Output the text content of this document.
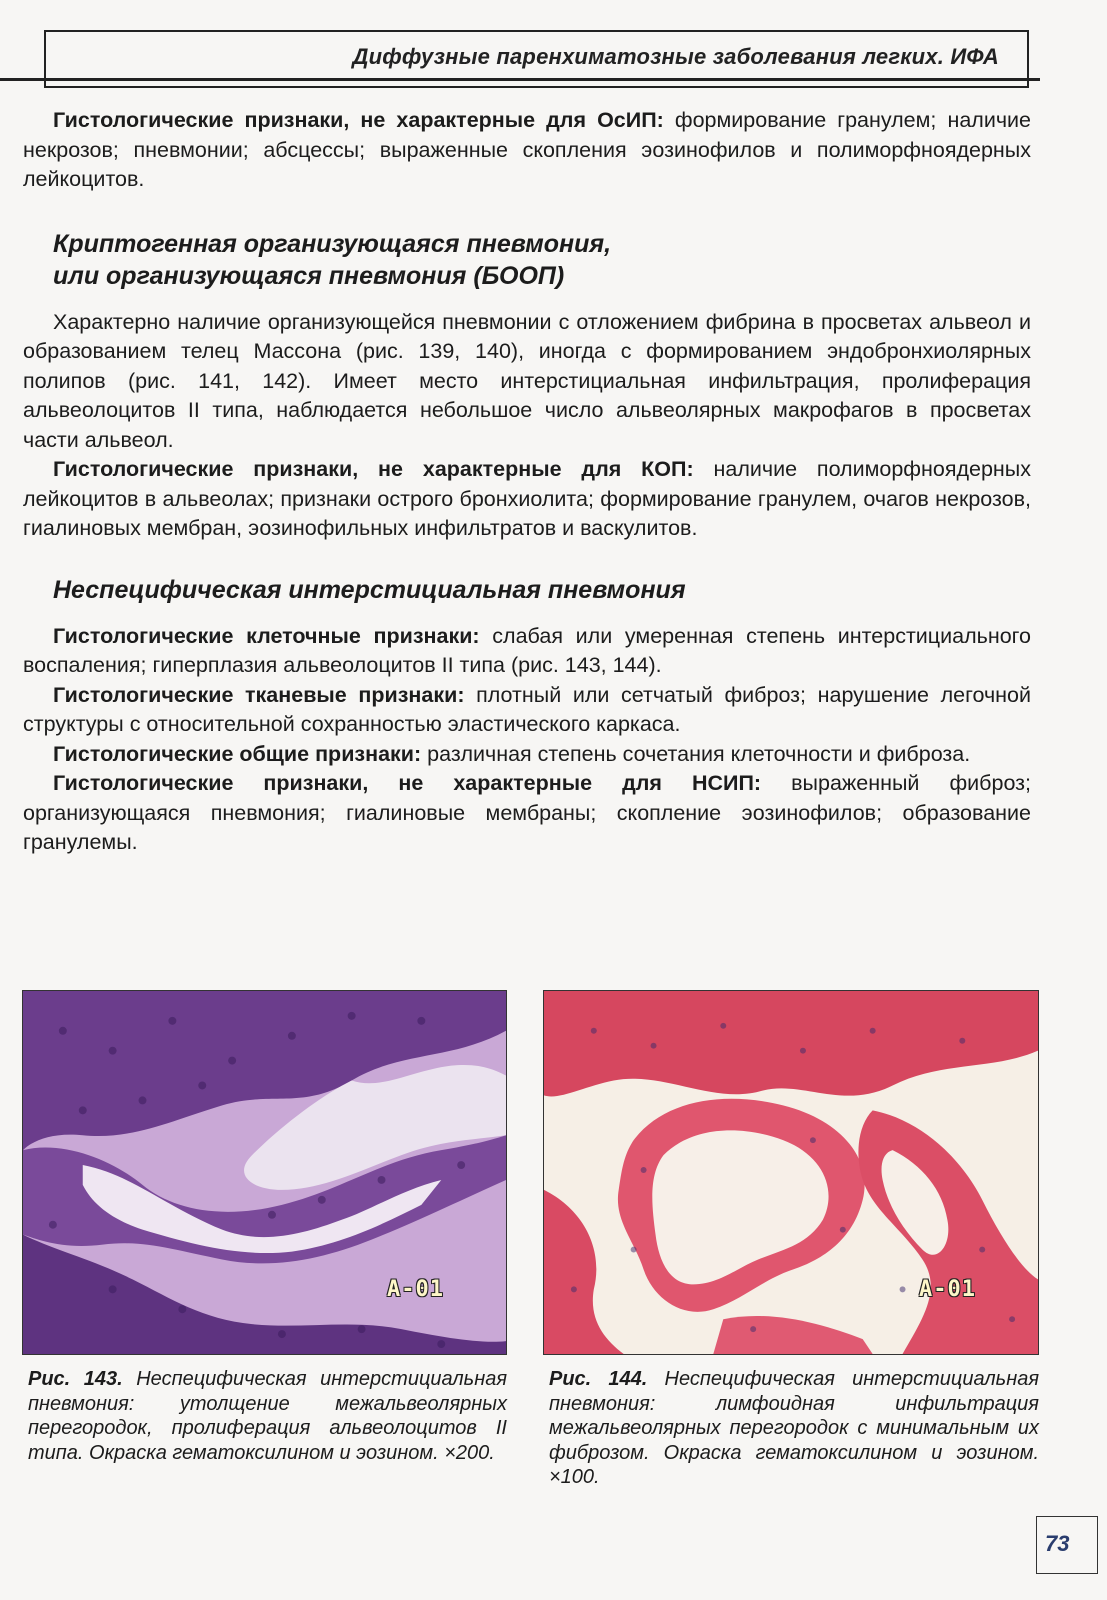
Диффузные паренхиматозные заболевания легких. ИФА

Гистологические признаки, не характерные для ОсИП: формирование гранулем; наличие некрозов; пневмонии; абсцессы; выраженные скопления эозинофилов и полиморфноядерных лейкоцитов.

Криптогенная организующаяся пневмония,
или организующаяся пневмония (БООП)

Характерно наличие организующейся пневмонии с отложением фибрина в просветах альвеол и образованием телец Массона (рис. 139, 140), иногда с формированием эндобронхиолярных полипов (рис. 141, 142). Имеет место интерстициальная инфильтрация, пролиферация альвеолоцитов II типа, наблюдается небольшое число альвеолярных макрофагов в просветах части альвеол.

Гистологические признаки, не характерные для КОП: наличие полиморфноядерных лейкоцитов в альвеолах; признаки острого бронхиолита; формирование гранулем, очагов некрозов, гиалиновых мембран, эозинофильных инфильтратов и васкулитов.

Неспецифическая интерстициальная пневмония

Гистологические клеточные признаки: слабая или умеренная степень интерстициального воспаления; гиперплазия альвеолоцитов II типа (рис. 143, 144).

Гистологические тканевые признаки: плотный или сетчатый фиброз; нарушение легочной структуры с относительной сохранностью эластического каркаса.

Гистологические общие признаки: различная степень сочетания клеточности и фиброза.

Гистологические признаки, не характерные для НСИП: выраженный фиброз; организующаяся пневмония; гиалиновые мембраны; скопление эозинофилов; образование гранулемы.

A-01

Рис. 143. Неспецифическая интерстициальная пневмония: утолщение межальвеолярных перегородок, пролиферация альвеолоцитов II типа. Окраска гематоксилином и эозином. ×200.

A-01

Рис. 144. Неспецифическая интерстициальная пневмония: лимфоидная инфильтрация межальвеолярных перегородок с минимальным их фиброзом. Окраска гематоксилином и эозином. ×100.

73
